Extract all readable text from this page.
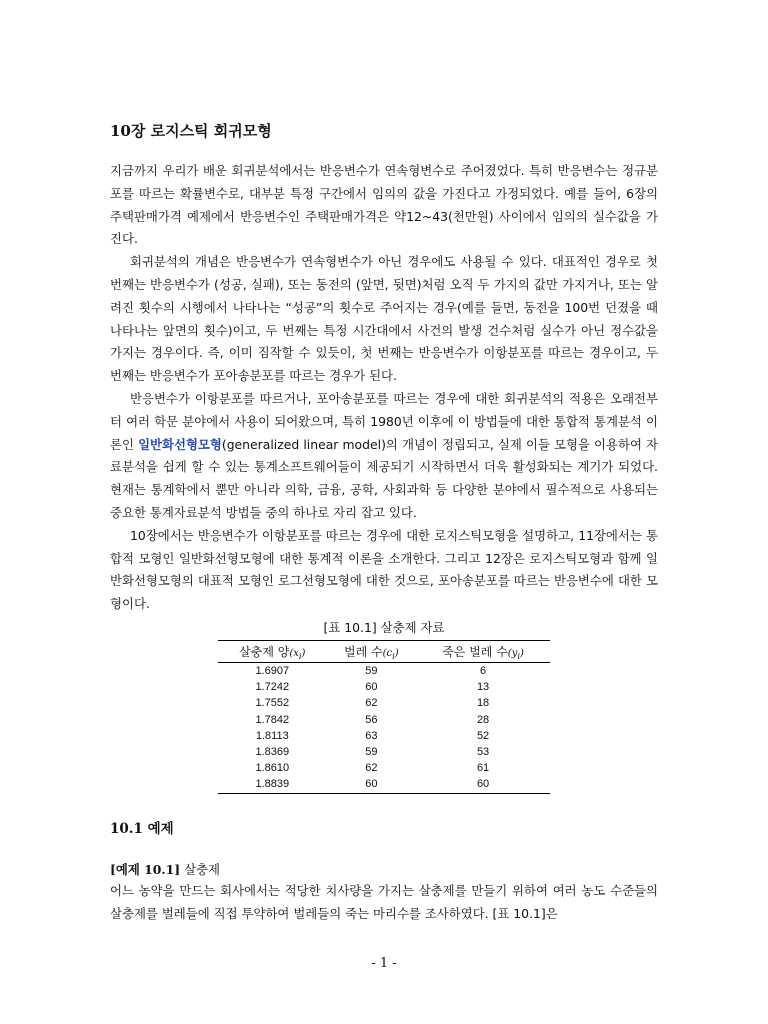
10장 로지스틱 회귀모형

지금까지 우리가 배운 회귀분석에서는 반응변수가 연속형변수로 주어졌었다. 특히 반응변수는 정규분포를 따르는 확률변수로, 대부분 특정 구간에서 임의의 값을 가진다고 가정되었다. 예를 들어, 6장의 주택판매가격 예제에서 반응변수인 주택판매가격은 약12~43(천만원) 사이에서 임의의 실수값을 가진다.

회귀분석의 개념은 반응변수가 연속형변수가 아닌 경우에도 사용될 수 있다. 대표적인 경우로 첫 번째는 반응변수가 (성공, 실패), 또는 동전의 (앞면, 뒷면)처럼 오직 두 가지의 값만 가지거나, 또는 알려진 횟수의 시행에서 나타나는 “성공”의 횟수로 주어지는 경우(예를 들면, 동전을 100번 던졌을 때 나타나는 앞면의 횟수)이고, 두 번째는 특정 시간대에서 사건의 발생 건수처럼 실수가 아닌 정수값을 가지는 경우이다. 즉, 이미 짐작할 수 있듯이, 첫 번째는 반응변수가 이항분포를 따르는 경우이고, 두 번째는 반응변수가 포아송분포를 따르는 경우가 된다.

반응변수가 이항분포를 따르거나, 포아송분포를 따르는 경우에 대한 회귀분석의 적용은 오래전부터 여러 학문 분야에서 사용이 되어왔으며, 특히 1980년 이후에 이 방법들에 대한 통합적 통계분석 이론인 일반화선형모형(generalized linear model)의 개념이 정립되고, 실제 이들 모형을 이용하여 자료분석을 쉽게 할 수 있는 통계소프트웨어들이 제공되기 시작하면서 더욱 활성화되는 계기가 되었다. 현재는 통계학에서 뿐만 아니라 의학, 금융, 공학, 사회과학 등 다양한 분야에서 필수적으로 사용되는 중요한 통계자료분석 방법들 중의 하나로 자리 잡고 있다.

10장에서는 반응변수가 이항분포를 따르는 경우에 대한 로지스틱모형을 설명하고, 11장에서는 통합적 모형인 일반화선형모형에 대한 통계적 이론을 소개한다. 그리고 12장은 로지스틱모형과 함께 일반화선형모형의 대표적 모형인 로그선형모형에 대한 것으로, 포아송분포를 따르는 반응변수에 대한 모형이다.

[표 10.1] 살충제 자료
살충제 양$(x_i)$	벌레 수$(c_i)$	죽은 벌레 수$(y_i)$
1.6907	59	6
1.7242	60	13
1.7552	62	18
1.7842	56	28
1.8113	63	52
1.8369	59	53
1.8610	62	61
1.8839	60	60
10.1 예제
[예제 10.1] 살충제

어느 농약을 만드는 회사에서는 적당한 치사량을 가지는 살충제를 만들기 위하여 여러 농도 수준들의 살충제를 벌레들에 직접 투약하여 벌레들의 죽는 마리수를 조사하였다. [표 10.1]은

- 1 -
